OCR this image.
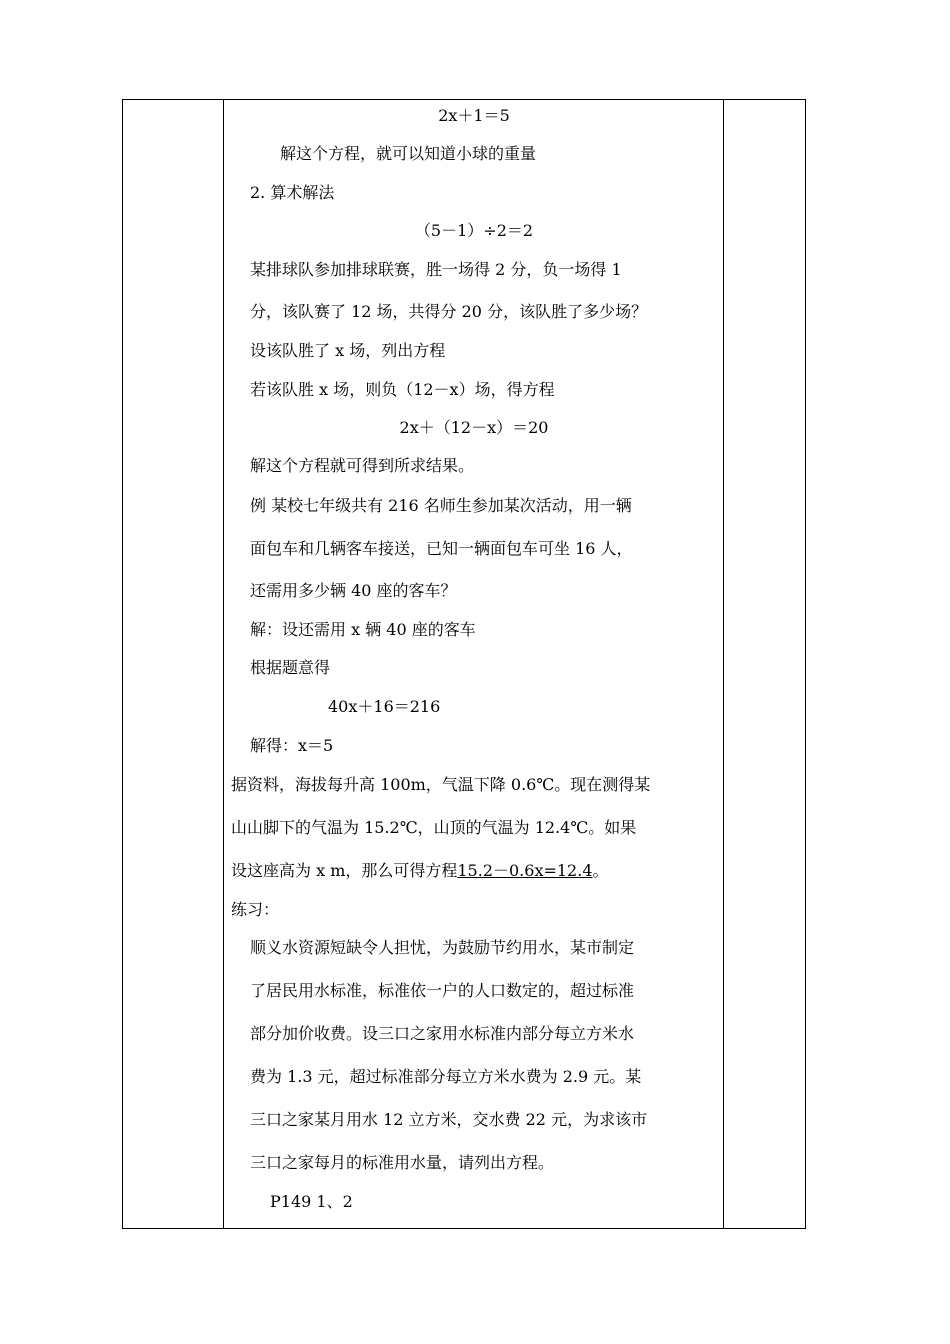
2x＋1＝5
解这个方程，就可以知道小球的重量
2. 算术解法
（5－1）÷2＝2
某排球队参加排球联赛，胜一场得 2 分，负一场得 1
分，该队赛了 12 场，共得分 20 分，该队胜了多少场？
设该队胜了 x 场，列出方程
若该队胜 x 场，则负（12－x）场，得方程
2x＋（12－x）＝20
解这个方程就可得到所求结果。
例 某校七年级共有 216 名师生参加某次活动，用一辆
面包车和几辆客车接送，已知一辆面包车可坐 16 人，
还需用多少辆 40 座的客车？
解：设还需用 x 辆 40 座的客车
根据题意得
40x＋16＝216
解得：x＝5
据资料，海拔每升高 100m，气温下降 0.6℃。现在测得某
山山脚下的气温为 15.2℃，山顶的气温为 12.4℃。如果
设这座高为 x m，那么可得方程15.2－0.6x=12.4。
练习：
顺义水资源短缺令人担忧，为鼓励节约用水，某市制定
了居民用水标准，标准依一户的人口数定的，超过标准
部分加价收费。设三口之家用水标准内部分每立方米水
费为 1.3 元，超过标准部分每立方米水费为 2.9 元。某
三口之家某月用水 12 立方米，交水费 22 元，为求该市
三口之家每月的标准用水量，请列出方程。
P149 1、2
